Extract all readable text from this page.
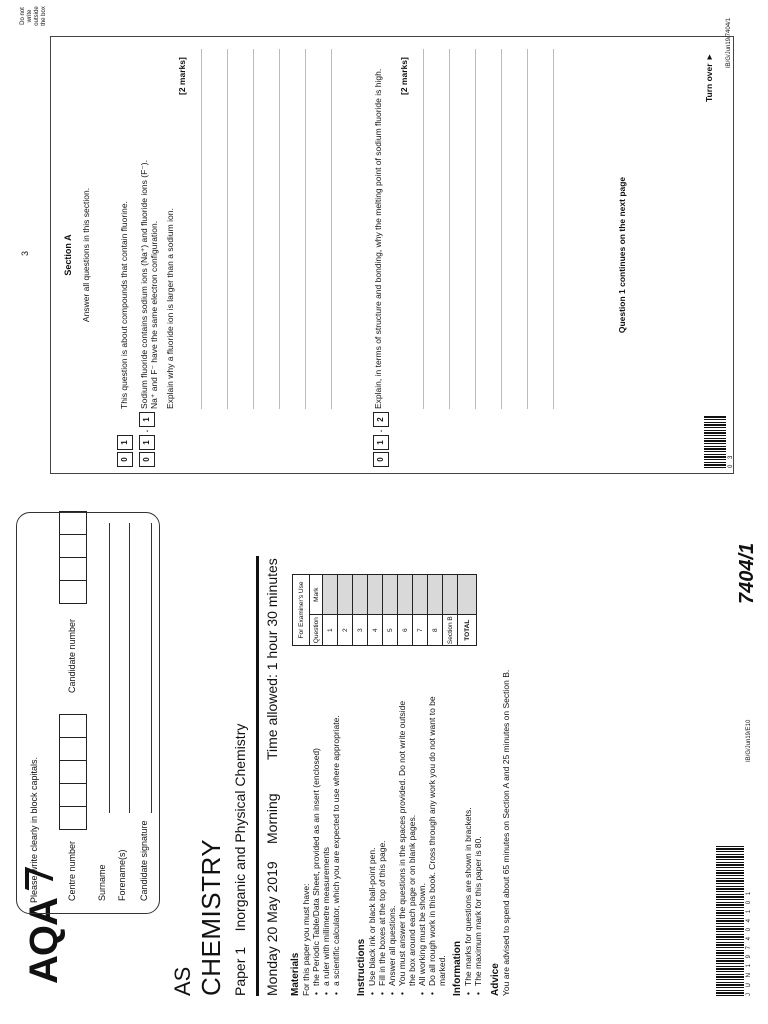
AQA
Please write clearly in block capitals.	Centre number
Candidate number
Surname Forename(s) Candidate signature
AS CHEMISTRY Paper 1    Inorganic and Physical Chemistry Monday 20 May 2019
Morning
Time allowed: 1 hour 30 minutes
Materials For this paper you must have: • the Periodic Table/Data Sheet, provided as an insert (enclosed) • a ruler with millimetre measurements • a scientific calculator, which you are expected to use where appropriate. Instructions • Use black ink or black ball-point pen. • Fill in the boxes at the top of this page. • Answer all questions. • You must answer the questions in the spaces provided. Do not write outside the box around each page or on blank pages. • All working must be shown. • Do all rough work in this book. Cross through any work you do not want to be marked. Information • The marks for questions are shown in brackets. • The maximum mark for this paper is 80. Advice You are advised to spend about 65 minutes on Section A and 25 minutes on Section B.
For Examiner's Use	
Question	Mark
1	
2	
3	
4	
5	
6	
7	
8	
Section B	
TOTAL	
J U N 1 9 7 4 0 4 1 0 1
IB/G/Jun19/E10
7404/1
3
Do not write outside the box
Section A Answer all questions in this section.
0
1
This question is about compounds that contain fluorine.
0
1
.
1
Sodium fluoride contains sodium ions (Na⁺) and fluoride ions (F⁻). Na⁺ and F⁻ have the same electron configuration. Explain why a fluoride ion is larger than a sodium ion.
[2 marks]
0
1
.
2
Explain, in terms of structure and bonding, why the melting point of sodium fluoride is high. [2 marks]
Question 1 continues on the next page
0 3
Turn over ►
IB/G/Jun19/7404/1
